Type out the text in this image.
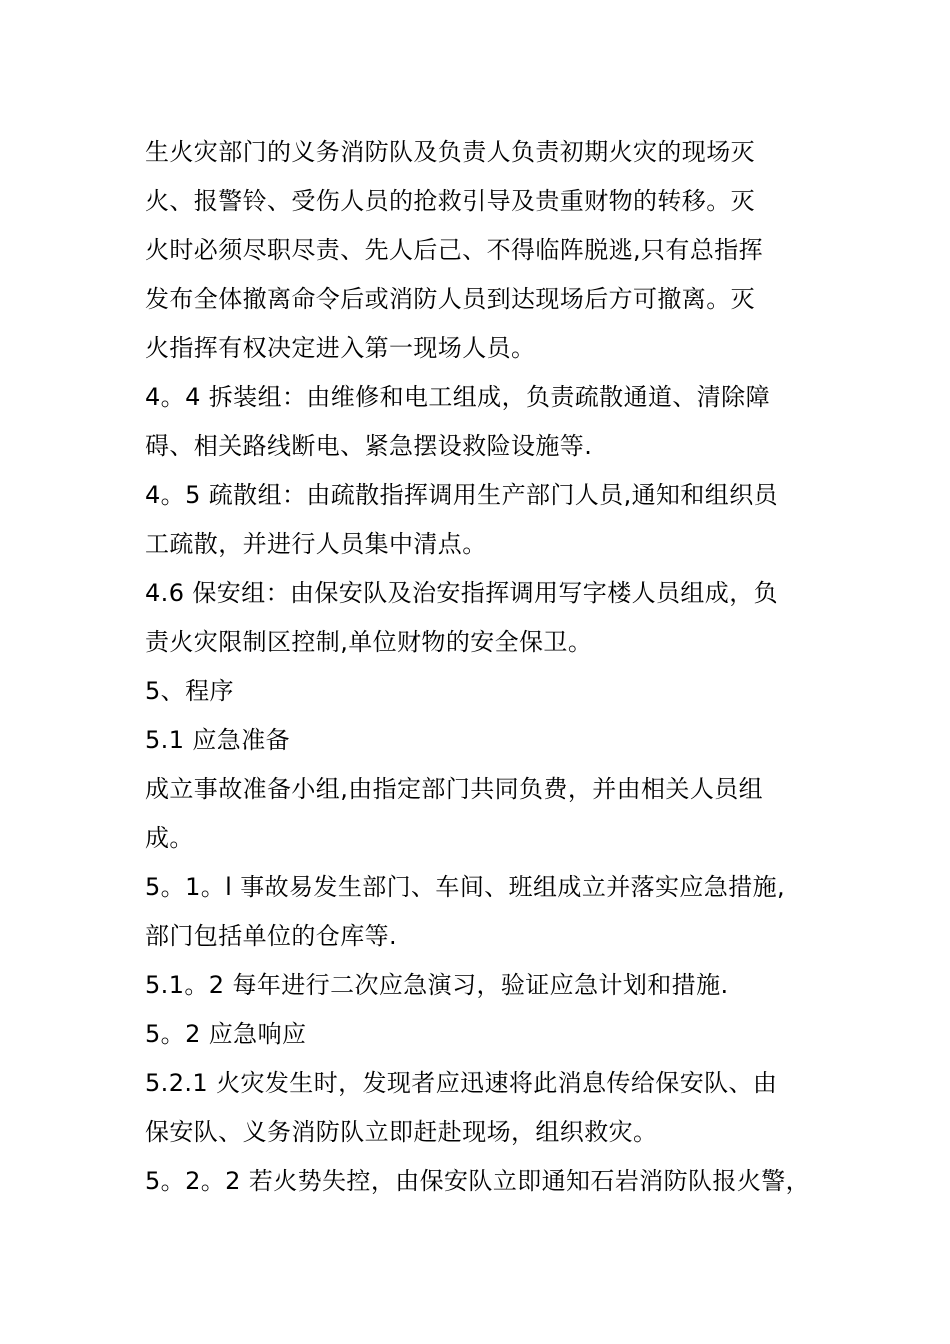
生火灾部门的义务消防队及负责人负责初期火灾的现场灭
火、报警铃、受伤人员的抢救引导及贵重财物的转移。灭
火时必须尽职尽责、先人后己、不得临阵脱逃,只有总指挥
发布全体撤离命令后或消防人员到达现场后方可撤离。灭
火指挥有权决定进入第一现场人员。
4。4 拆装组：由维修和电工组成，负责疏散通道、清除障
碍、相关路线断电、紧急摆设救险设施等.
4。5 疏散组：由疏散指挥调用生产部门人员,通知和组织员
工疏散，并进行人员集中清点。
4.6 保安组：由保安队及治安指挥调用写字楼人员组成，负
责火灾限制区控制,单位财物的安全保卫。
5、程序
5.1 应急准备
成立事故准备小组,由指定部门共同负费，并由相关人员组
成。
5。1。l 事故易发生部门、车间、班组成立并落实应急措施,
部门包括单位的仓库等.
5.1。2 每年进行二次应急演习，验证应急计划和措施.
5。2 应急响应
5.2.1 火灾发生时，发现者应迅速将此消息传给保安队、由
保安队、义务消防队立即赶赴现场，组织救灾。
5。2。2 若火势失控，由保安队立即通知石岩消防队报火警，
